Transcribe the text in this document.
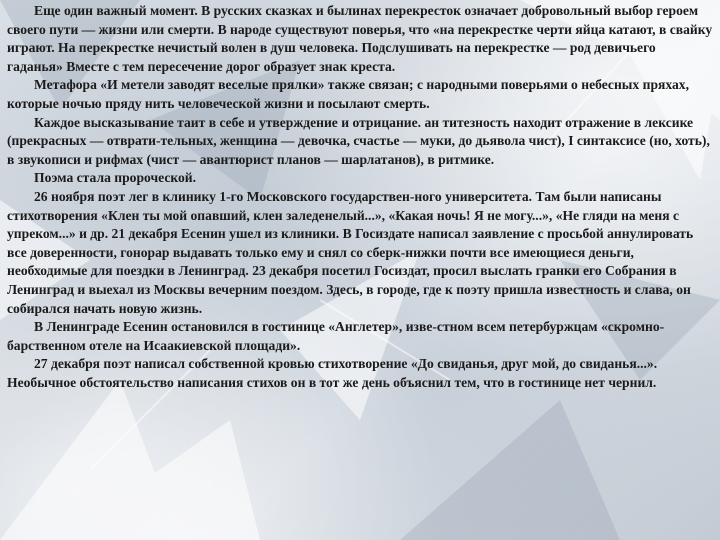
Еще один важный момент. В русских сказках и былинах перекресток означает добровольный выбор героем своего пути — жизни или смерти. В народе существуют поверья, что «на перекрестке черти яйца катают, в свайку играют. На перекрестке нечистый волен в душ человека. Подслушивать на перекрестке — род девичьего гаданья» Вместе с тем пересечение дорог образует знак креста.

Метафора «И метели заводят веселые прялки» также связан; с народными поверьями о небесных пряхах, которые ночью пряду нить человеческой жизни и посылают смерть.

Каждое высказывание таит в себе и утверждение и отрицание. ан титезность находит отражение в лексике (прекрасных — отврати-тельных, женщина — девочка, счастье — муки, до дьявола чист), I синтаксисе (но, хоть), в звукописи и рифмах (чист — авантюрист планов — шарлатанов), в ритмике.

Поэма стала пророческой.

26 ноября поэт лег в клинику 1-го Московского государствен-ного университета. Там были написаны стихотворения «Клен ты мой опавший, клен заледенелый...», «Какая ночь! Я не могу...», «Не гляди на меня с упреком...» и др. 21 декабря Есенин ушел из клиники. В Госиздате написал заявление с просьбой аннулировать все доверенности, гонорар выдавать только ему и снял со сберк-нижки почти все имеющиеся деньги, необходимые для поездки в Ленинград. 23 декабря посетил Госиздат, просил выслать гранки его Собрания в Ленинград и выехал из Москвы вечерним поездом. Здесь, в городе, где к поэту пришла известность и слава, он собирался начать новую жизнь.

В Ленинграде Есенин остановился в гостинице «Англетер», изве-стном всем петербуржцам «скромно-барственном отеле на Исаакиевской площади».

27 декабря поэт написал собственной кровью стихотворение «До свиданья, друг мой, до свиданья...». Необычное обстоятельство написания стихов он в тот же день объяснил тем, что в гостинице нет чернил.
